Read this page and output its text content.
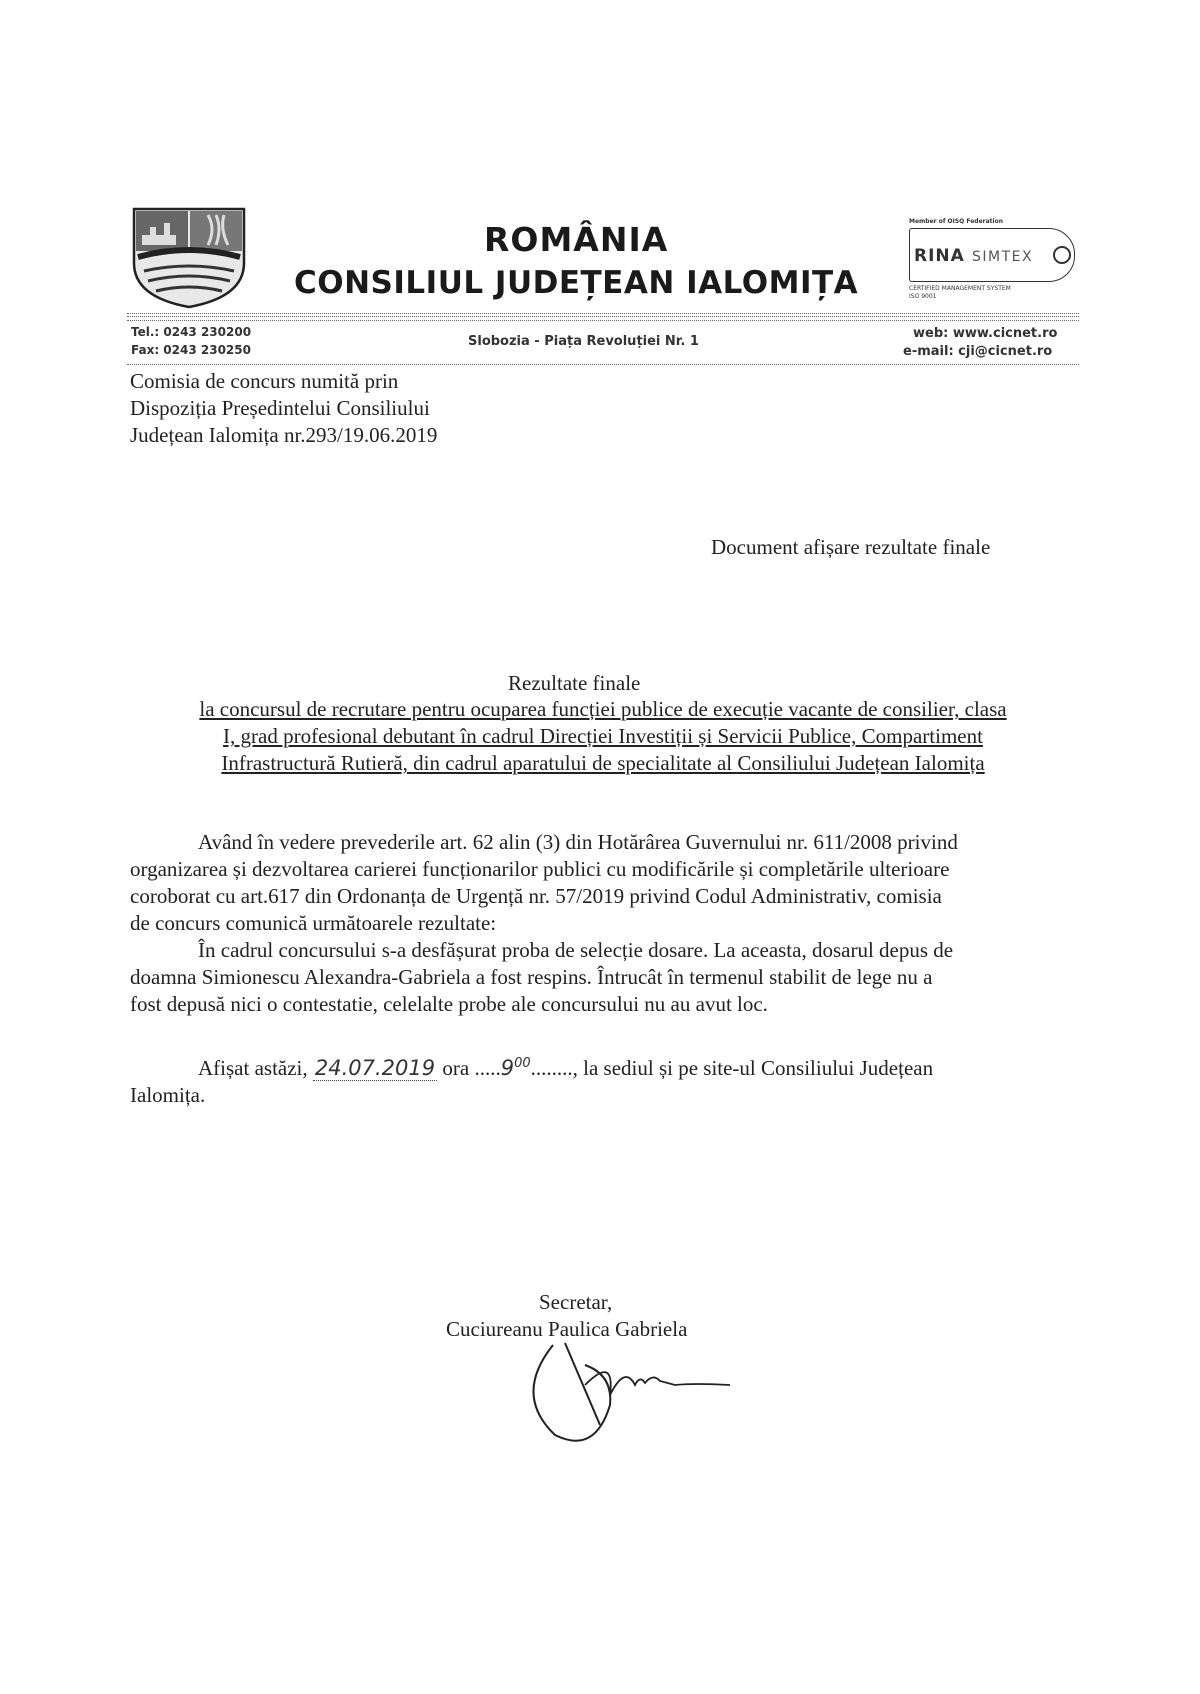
ROMÂNIA
CONSILIUL JUDEȚEAN IALOMIȚA
Member of OISQ Federation
RINA SIMTEX
CERTIFIED MANAGEMENT SYSTEM
ISO 9001
Tel.: 0243 230200
Fax: 0243 230250
Slobozia - Piața Revoluției Nr. 1
web: www.cicnet.ro
e-mail: cji@cicnet.ro
Comisia de concurs numită prin
Dispoziția Președintelui Consiliului
Județean Ialomița nr.293/19.06.2019
Document afișare rezultate finale
Rezultate finale
la concursul de recrutare pentru ocuparea funcției publice de execuție vacante de consilier, clasa
I, grad profesional debutant în cadrul Direcției Investiții și Servicii Publice, Compartiment
Infrastructură Rutieră, din cadrul aparatului de specialitate al Consiliului Județean Ialomița
Având în vedere prevederile art. 62 alin (3) din Hotărârea Guvernului nr. 611/2008 privind
organizarea și dezvoltarea carierei funcționarilor publici cu modificările și completările ulterioare
coroborat cu art.617 din Ordonanța de Urgență nr. 57/2019 privind Codul Administrativ, comisia
de concurs comunică următoarele rezultate:
În cadrul concursului s-a desfășurat proba de selecție dosare. La aceasta, dosarul depus de
doamna Simionescu Alexandra-Gabriela a fost respins. Întrucât în termenul stabilit de lege nu a
fost depusă nici o contestatie, celelalte probe ale concursului nu au avut loc.
Afișat astăzi, 24.07.2019 ora .....9$^{00}$........, la sediul și pe site-ul Consiliului Județean
Ialomița.
Secretar,
Cuciureanu Paulica Gabriela
